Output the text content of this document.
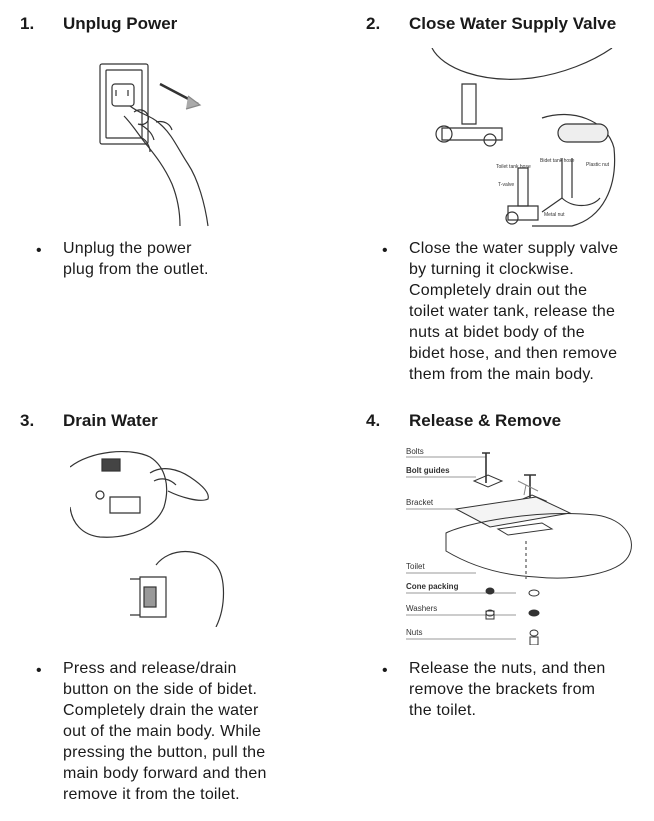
1. Unplug Power
• Unplug the power
plug from the outlet.
2. Close Water Supply Valve
Toilet tank hose
Bidet tank hose
Plastic nut
T-valve
Metal nut
• Close the water supply valve
by turning it clockwise.
Completely drain out the
toilet water tank, release the
nuts at bidet body of the
bidet hose, and then remove
them from the main body.
3. Drain Water
• Press and release/drain
button on the side of bidet.
Completely drain the water
out of the main body. While
pressing the button, pull the
main body forward and then
remove it from the toilet.
4. Release & Remove
Bolts
Bolt guides
Bracket
Toilet
Cone packing
Washers
Nuts
• Release the nuts, and then
remove the brackets from
the toilet.
